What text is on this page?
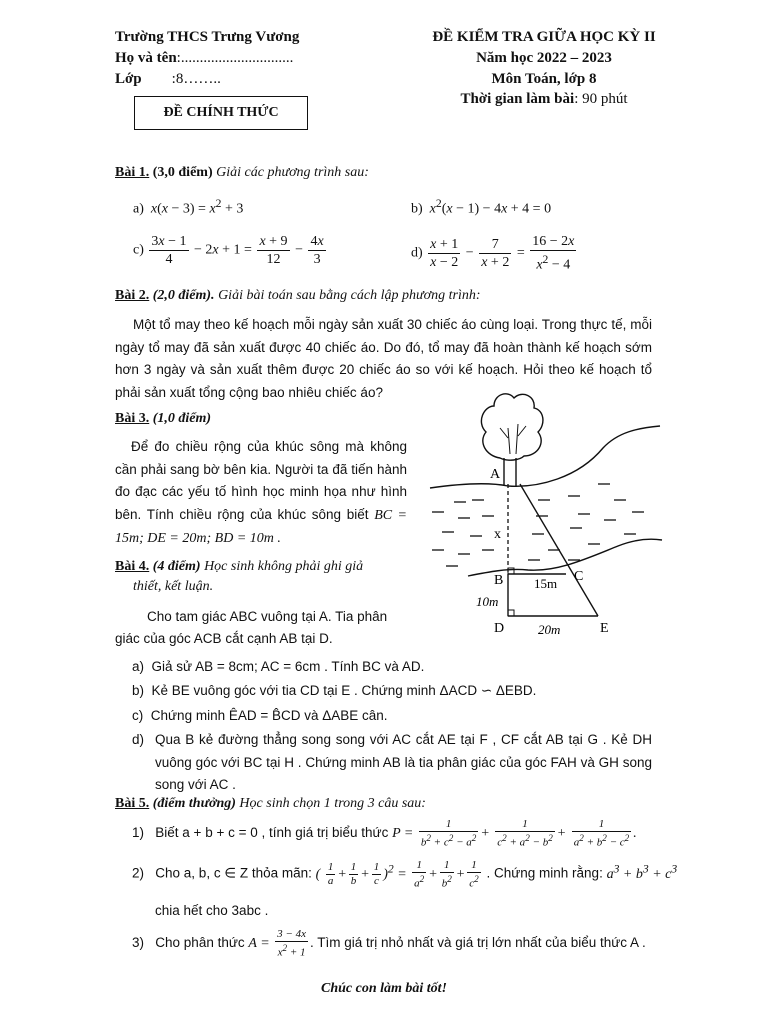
Trường THCS Trưng Vương
Họ và tên:..............................
Lớp :8……..
ĐỀ CHÍNH THỨC
ĐỀ KIỂM TRA GIỮA HỌC KỲ II
Năm học 2022 – 2023
Môn Toán, lớp 8
Thời gian làm bài: 90 phút
Bài 1. (3,0 điểm) Giải các phương trình sau:
a) $x(x - 3) = x^2 + 3$	b) $x^2(x - 1) - 4x + 4 = 0$
$c) \frac{3x - 1}{4} - 2x + 1 = \frac{x + 9}{12} - \frac{4x}{3}$	$d) \frac{x + 1}{x - 2} - \frac{7}{x + 2} = \frac{16 - 2x}{x^2 - 4}$
Bài 2. (2,0 điểm). Giải bài toán sau bằng cách lập phương trình:
Một tổ may theo kế hoạch mỗi ngày sản xuất 30 chiếc áo cùng loại. Trong thực tế, mỗi ngày tổ may đã sản xuất được 40 chiếc áo. Do đó, tổ may đã hoàn thành kế hoạch sớm hơn 3 ngày và sản xuất thêm được 20 chiếc áo so với kế hoạch. Hỏi theo kế hoạch tổ phải sản xuất tổng cộng bao nhiêu chiếc áo?
Bài 3. (1,0 điểm)
Để đo chiều rộng của khúc sông mà không cần phải sang bờ bên kia. Người ta đã tiến hành đo đạc các yếu tố hình học minh họa như hình bên. Tính chiều rộng của khúc sông biết BC = 15m; DE = 20m; BD = 10m .
A
B	C
D	E
x
15m
10m
20m
Bài 4. (4 điểm) Học sinh không phải ghi giả
thiết, kết luận.
Cho tam giác ABC vuông tại A. Tia phân
giác của góc ACB cắt cạnh AB tại D.
a) Giả sử AB = 8cm; AC = 6cm . Tính BC và AD.
b) Kẻ BE vuông góc với tia CD tại E . Chứng minh ΔACD ∽ ΔEBD.
c) Chứng minh ÊAD = B̂CD và ΔABE cân.
d) Qua B kẻ đường thẳng song song với AC cắt AE tại F , CF cắt AB tại G . Kẻ DH vuông góc với BC tại H . Chứng minh AB là tia phân giác của góc FAH và GH song song với AC .
Bài 5. (điểm thưởng) Học sinh chọn 1 trong 3 câu sau:
1) Biết a + b + c = 0 , tính giá trị biểu thức $P = \frac{1}{b^2 + c^2 - a^2} + \frac{1}{c^2 + a^2 - b^2} + \frac{1}{a^2 + b^2 - c^2}$ .
2) Cho a, b, c ∈ Z thỏa mãn: ( $\frac{1}{a} + \frac{1}{b} + \frac{1}{c} )^2 = \frac{1}{a^2} + \frac{1}{b^2} + \frac{1}{c^2}$ . Chứng minh rằng: $a^3 + b^3 + c^3$
chia hết cho 3abc .
3) Cho phân thức $A = \frac{3 - 4x}{x^2 + 1}$ . Tìm giá trị nhỏ nhất và giá trị lớn nhất của biểu thức A .
Chúc con làm bài tốt!
